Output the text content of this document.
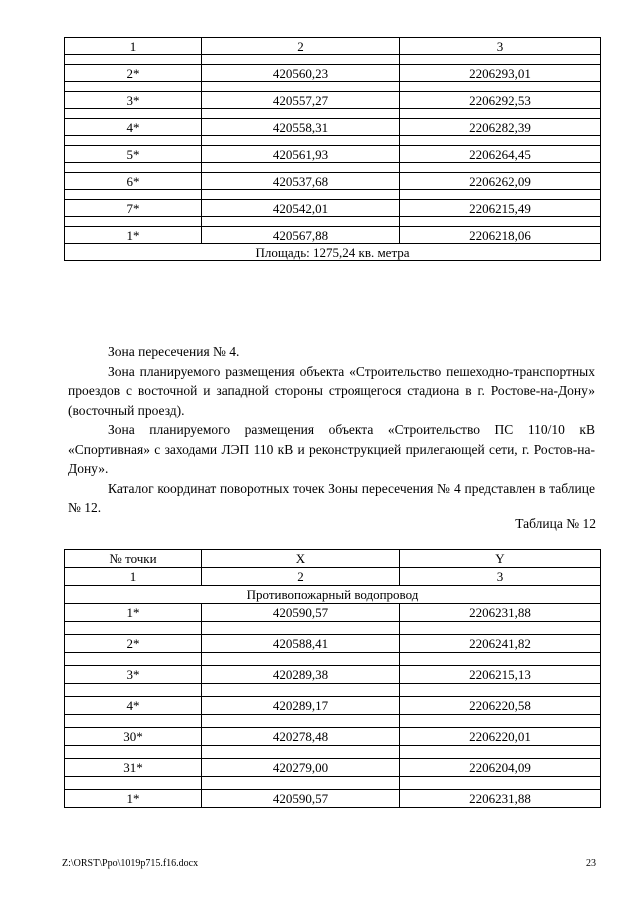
1	2	3

2*	420560,23	2206293,01

3*	420557,27	2206292,53

4*	420558,31	2206282,39

5*	420561,93	2206264,45

6*	420537,68	2206262,09

7*	420542,01	2206215,49

1*	420567,88	2206218,06
Площадь: 1275,24 кв. метра		

Зона пересечения № 4.

Зона планируемого размещения объекта «Строительство пешеходно-транспортных проездов с восточной и западной стороны строящегося стадиона в г. Ростове-на-Дону» (восточный проезд).

Зона планируемого размещения объекта «Строительство ПС 110/10 кВ «Спортивная» с заходами ЛЭП 110 кВ и реконструкцией прилегающей сети, г. Ростов-на-Дону».

Каталог координат поворотных точек Зоны пересечения № 4 представлен в таблице № 12.

Таблица № 12
№ точки	X	Y
1	2	3
Противопожарный водопровод		
1*	420590,57	2206231,88

2*	420588,41	2206241,82

3*	420289,38	2206215,13

4*	420289,17	2206220,58

30*	420278,48	2206220,01

31*	420279,00	2206204,09

1*	420590,57	2206231,88
Z:\ORST\Ppo\1019p715.f16.docx	23
